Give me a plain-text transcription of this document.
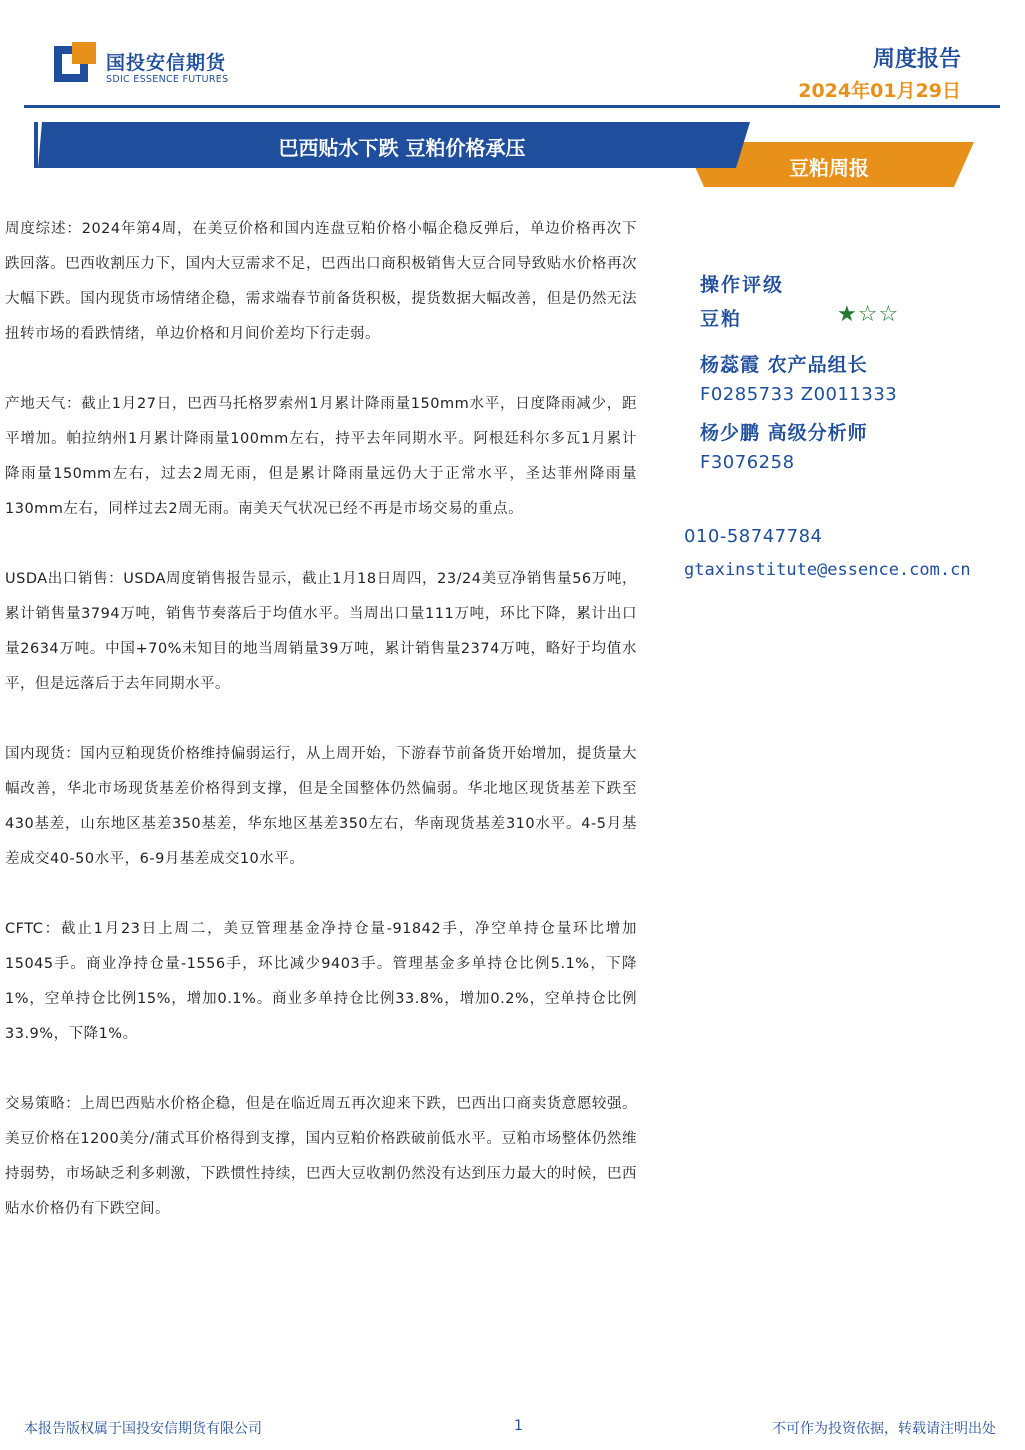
国投安信期货
SDIC ESSENCE FUTURES
周度报告
2024年01月29日
巴西贴水下跌 豆粕价格承压
豆粕周报

周度综述：2024年第4周，在美豆价格和国内连盘豆粕价格小幅企稳反弹后，单边价格再次下跌回落。巴西收割压力下，国内大豆需求不足，巴西出口商积极销售大豆合同导致贴水价格再次大幅下跌。国内现货市场情绪企稳，需求端春节前备货积极，提货数据大幅改善，但是仍然无法扭转市场的看跌情绪，单边价格和月间价差均下行走弱。

产地天气：截止1月27日，巴西马托格罗索州1月累计降雨量150mm水平，日度降雨减少，距平增加。帕拉纳州1月累计降雨量100mm左右，持平去年同期水平。阿根廷科尔多瓦1月累计降雨量150mm左右，过去2周无雨，但是累计降雨量远仍大于正常水平，圣达菲州降雨量130mm左右，同样过去2周无雨。南美天气状况已经不再是市场交易的重点。

USDA出口销售：USDA周度销售报告显示，截止1月18日周四，23/24美豆净销售量56万吨，累计销售量3794万吨，销售节奏落后于均值水平。当周出口量111万吨，环比下降，累计出口量2634万吨。中国+70%未知目的地当周销量39万吨，累计销售量2374万吨，略好于均值水平，但是远落后于去年同期水平。

国内现货：国内豆粕现货价格维持偏弱运行，从上周开始，下游春节前备货开始增加，提货量大幅改善，华北市场现货基差价格得到支撑，但是全国整体仍然偏弱。华北地区现货基差下跌至430基差，山东地区基差350基差，华东地区基差350左右，华南现货基差310水平。4-5月基差成交40-50水平，6-9月基差成交10水平。

CFTC：截止1月23日上周二，美豆管理基金净持仓量-91842手，净空单持仓量环比增加15045手。商业净持仓量-1556手，环比减少9403手。管理基金多单持仓比例5.1%，下降1%，空单持仓比例15%，增加0.1%。商业多单持仓比例33.8%，增加0.2%，空单持仓比例33.9%，下降1%。

交易策略：上周巴西贴水价格企稳，但是在临近周五再次迎来下跌，巴西出口商卖货意愿较强。美豆价格在1200美分/蒲式耳价格得到支撑，国内豆粕价格跌破前低水平。豆粕市场整体仍然维持弱势，市场缺乏利多刺激，下跌惯性持续，巴西大豆收割仍然没有达到压力最大的时候，巴西贴水价格仍有下跌空间。

操作评级
豆粕	★☆☆
杨蕊霞 农产品组长
F0285733 Z0011333
杨少鹏 高级分析师
F3076258
010-58747784
gtaxinstitute@essence.com.cn
本报告版权属于国投安信期货有限公司	1	不可作为投资依据，转载请注明出处
